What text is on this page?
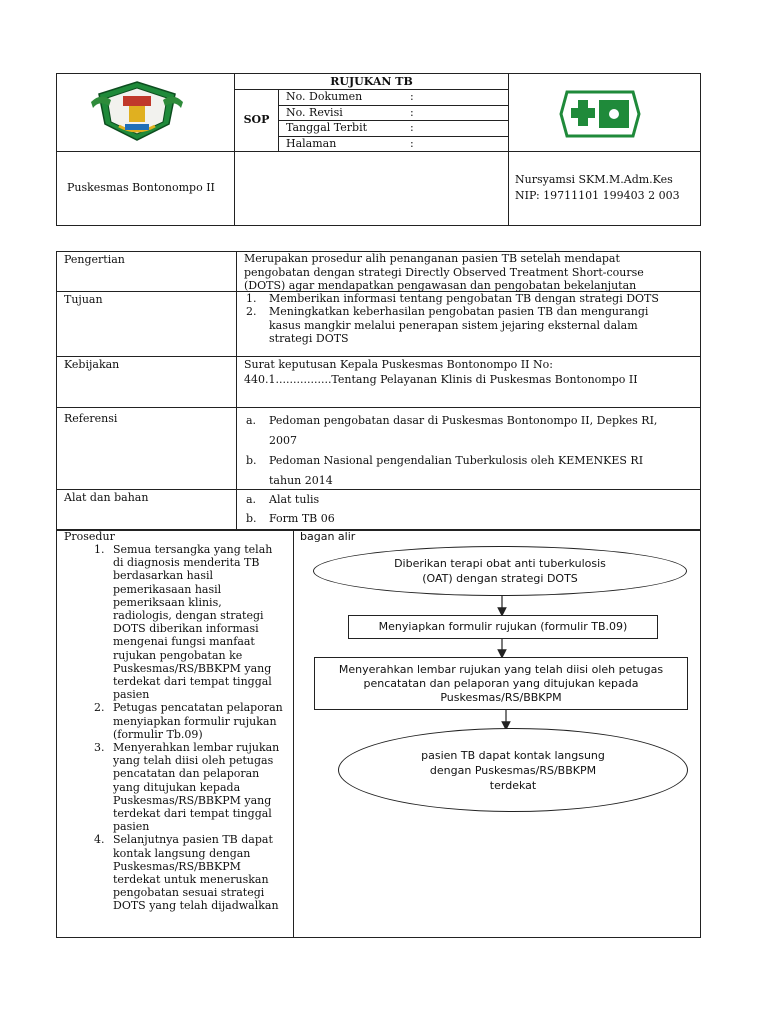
RUJUKAN TB
SOP
No. Dokumen	:
No. Revisi	:
Tanggal Terbit	:
Halaman	:
Puskesmas Bontonompo II
Nursyamsi SKM.M.Adm.Kes
NIP: 19711101 199403 2 003
Pengertian	Merupakan prosedur alih penanganan pasien TB setelah mendapat
pengobatan dengan strategi Directly Observed Treatment Short-course
(DOTS) agar mendapatkan pengawasan dan pengobatan bekelanjutan
Tujuan	1. Memberikan informasi tentang pengobatan TB dengan strategi DOTS
2. Meningkatkan keberhasilan pengobatan pasien TB dan mengurangi
kasus mangkir melalui penerapan sistem jejaring eksternal dalam
strategi DOTS
Kebijakan	Surat keputusan Kepala Puskesmas Bontonompo II No:
440.1................Tentang Pelayanan Klinis di Puskesmas Bontonompo II
Referensi	a. Pedoman pengobatan dasar di Puskesmas Bontonompo II, Depkes RI,
2007
b. Pedoman Nasional pengendalian Tuberkulosis oleh KEMENKES RI
tahun 2014
Alat dan bahan	a. Alat tulis
b. Form TB 06
Prosedur
1. Semua tersangka yang telah
di diagnosis menderita TB
berdasarkan hasil
pemerikasaan hasil
pemeriksaan klinis,
radiologis, dengan strategi
DOTS diberikan informasi
mengenai fungsi manfaat
rujukan pengobatan ke
Puskesmas/RS/BBKPM yang
terdekat dari tempat tinggal
pasien
2. Petugas pencatatan pelaporan
menyiapkan formulir rujukan
(formulir Tb.09)
3. Menyerahkan lembar rujukan
yang telah diisi oleh petugas
pencatatan dan pelaporan
yang ditujukan kepada
Puskesmas/RS/BBKPM yang
terdekat dari tempat tinggal
pasien
4. Selanjutnya pasien TB dapat
kontak langsung dengan
Puskesmas/RS/BBKPM
terdekat untuk meneruskan
pengobatan sesuai strategi
DOTS yang telah dijadwalkan
bagan alir
Diberikan terapi obat anti tuberkulosis
(OAT) dengan strategi DOTS
Menyiapkan formulir rujukan (formulir TB.09)
Menyerahkan lembar rujukan yang telah diisi oleh petugas
pencatatan dan pelaporan yang ditujukan kepada
Puskesmas/RS/BBKPM
pasien TB dapat kontak langsung
dengan Puskesmas/RS/BBKPM
terdekat
